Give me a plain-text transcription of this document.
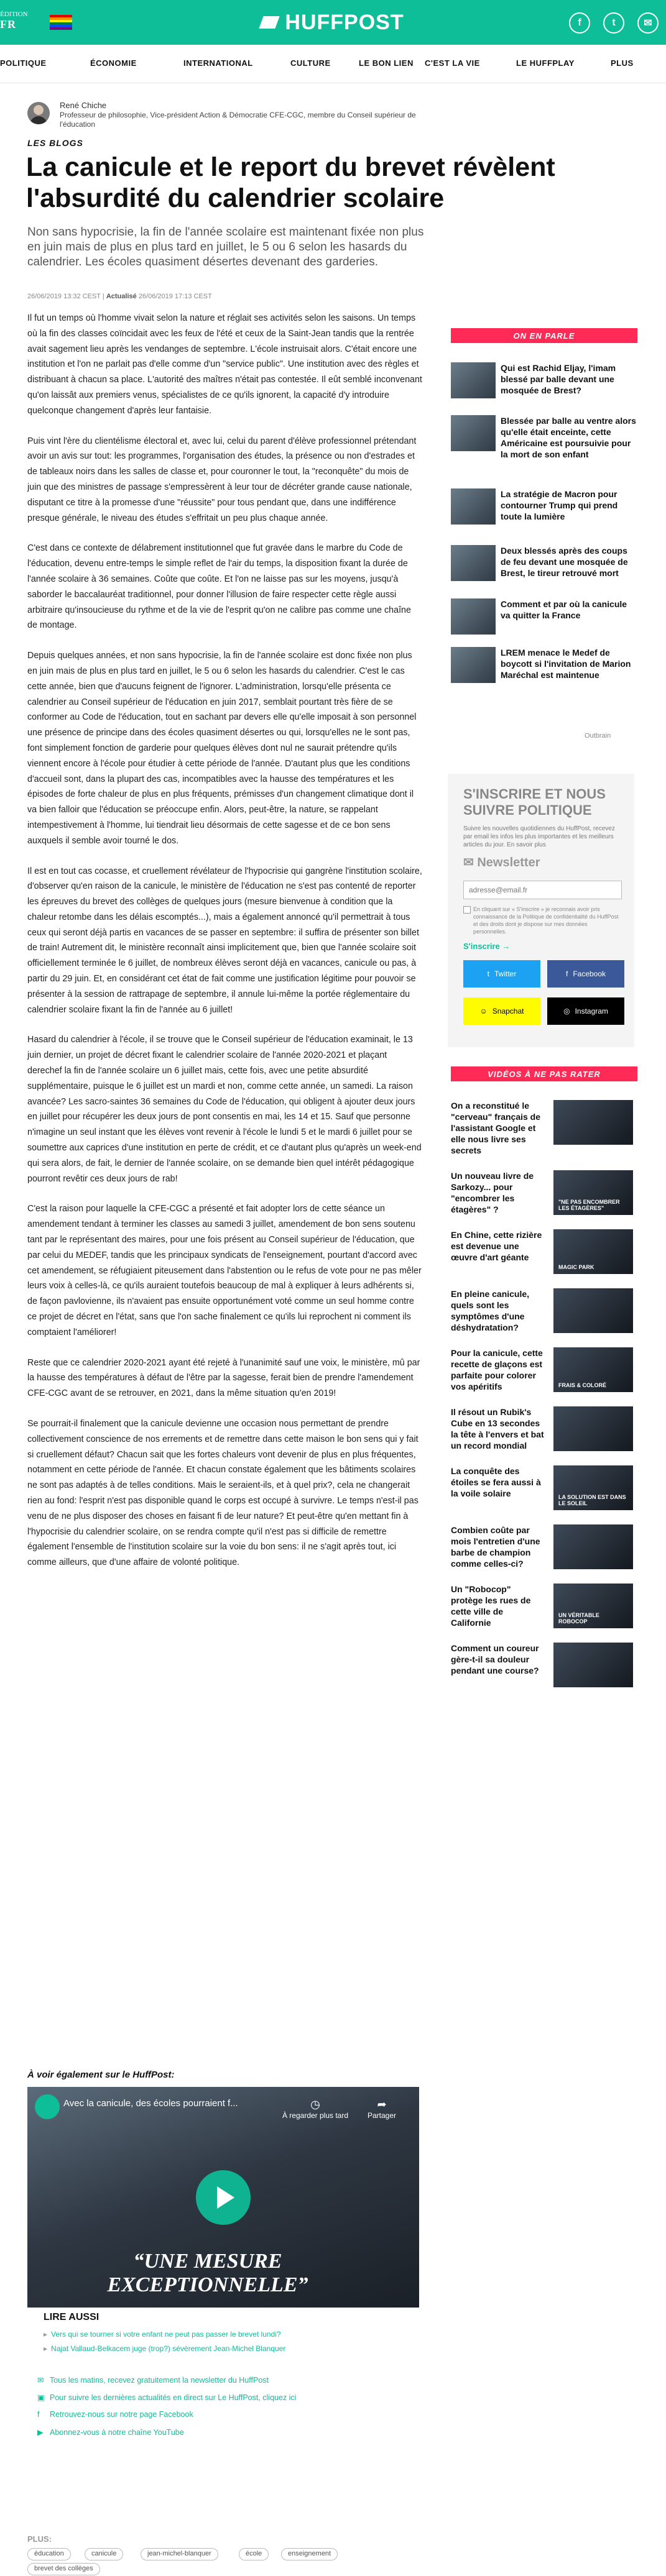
ÉDITION
FR	HUFFPOST	f	t	✉
POLITIQUE	ÉCONOMIE	INTERNATIONAL	CULTURE	LE BON LIEN C'EST LA VIE	LE HUFFPLAY	PLUS
René Chiche
Professeur de philosophie, Vice-président Action & Démocratie CFE-CGC, membre du Conseil supérieur de l'éducation
LES BLOGS
La canicule et le report du brevet révèlent l'absurdité du calendrier scolaire
Non sans hypocrisie, la fin de l'année scolaire est maintenant fixée non plus en juin mais de plus en plus tard en juillet, le 5 ou 6 selon les hasards du calendrier. Les écoles quasiment désertes devenant des garderies.
26/06/2019 13:32 CEST | Actualisé 26/06/2019 17:13 CEST

Il fut un temps où l'homme vivait selon la nature et réglait ses activités selon les saisons. Un temps où la fin des classes coïncidait avec les feux de l'été et ceux de la Saint-Jean tandis que la rentrée avait sagement lieu après les vendanges de septembre. L'école instruisait alors. C'était encore une institution et l'on ne parlait pas d'elle comme d'un "service public". Une institution avec des règles et distribuant à chacun sa place. L'autorité des maîtres n'était pas contestée. Il eût semblé inconvenant qu'on laissât aux premiers venus, spécialistes de ce qu'ils ignorent, la capacité d'y introduire quelconque changement d'après leur fantaisie.

Puis vint l'ère du clientélisme électoral et, avec lui, celui du parent d'élève professionnel prétendant avoir un avis sur tout: les programmes, l'organisation des études, la présence ou non d'estrades et de tableaux noirs dans les salles de classe et, pour couronner le tout, la "reconquête" du mois de juin que des ministres de passage s'empressèrent à leur tour de décréter grande cause nationale, disputant ce titre à la promesse d'une "réussite" pour tous pendant que, dans une indifférence presque générale, le niveau des études s'effritait un peu plus chaque année.

C'est dans ce contexte de délabrement institutionnel que fut gravée dans le marbre du Code de l'éducation, devenu entre-temps le simple reflet de l'air du temps, la disposition fixant la durée de l'année scolaire à 36 semaines. Coûte que coûte. Et l'on ne laisse pas sur les moyens, jusqu'à saborder le baccalauréat traditionnel, pour donner l'illusion de faire respecter cette règle aussi arbitraire qu'insoucieuse du rythme et de la vie de l'esprit qu'on ne calibre pas comme une chaîne de montage.

Depuis quelques années, et non sans hypocrisie, la fin de l'année scolaire est donc fixée non plus en juin mais de plus en plus tard en juillet, le 5 ou 6 selon les hasards du calendrier. C'est le cas cette année, bien que d'aucuns feignent de l'ignorer. L'administration, lorsqu'elle présenta ce calendrier au Conseil supérieur de l'éducation en juin 2017, semblait pourtant très fière de se conformer au Code de l'éducation, tout en sachant par devers elle qu'elle imposait à son personnel une présence de principe dans des écoles quasiment désertes ou qui, lorsqu'elles ne le sont pas, font simplement fonction de garderie pour quelques élèves dont nul ne saurait prétendre qu'ils viennent encore à l'école pour étudier à cette période de l'année. D'autant plus que les conditions d'accueil sont, dans la plupart des cas, incompatibles avec la hausse des températures et les épisodes de forte chaleur de plus en plus fréquents, prémisses d'un changement climatique dont il va bien falloir que l'éducation se préoccupe enfin. Alors, peut-être, la nature, se rappelant intempestivement à l'homme, lui tiendrait lieu désormais de cette sagesse et de ce bon sens auxquels il semble avoir tourné le dos.

Il est en tout cas cocasse, et cruellement révélateur de l'hypocrisie qui gangrène l'institution scolaire, d'observer qu'en raison de la canicule, le ministère de l'éducation ne s'est pas contenté de reporter les épreuves du brevet des collèges de quelques jours (mesure bienvenue à condition que la chaleur retombe dans les délais escomptés...), mais a également annoncé qu'il permettrait à tous ceux qui seront déjà partis en vacances de se passer en septembre: il suffira de présenter son billet de train! Autrement dit, le ministère reconnaît ainsi implicitement que, bien que l'année scolaire soit officiellement terminée le 6 juillet, de nombreux élèves seront déjà en vacances, canicule ou pas, à partir du 29 juin. Et, en considérant cet état de fait comme une justification légitime pour pouvoir se présenter à la session de rattrapage de septembre, il annule lui-même la portée réglementaire du calendrier scolaire fixant la fin de l'année au 6 juillet!

Hasard du calendrier à l'école, il se trouve que le Conseil supérieur de l'éducation examinait, le 13 juin dernier, un projet de décret fixant le calendrier scolaire de l'année 2020-2021 et plaçant derechef la fin de l'année scolaire un 6 juillet mais, cette fois, avec une petite absurdité supplémentaire, puisque le 6 juillet est un mardi et non, comme cette année, un samedi. La raison avancée? Les sacro-saintes 36 semaines du Code de l'éducation, qui obligent à ajouter deux jours en juillet pour récupérer les deux jours de pont consentis en mai, les 14 et 15. Sauf que personne n'imagine un seul instant que les élèves vont revenir à l'école le lundi 5 et le mardi 6 juillet pour se soumettre aux caprices d'une institution en perte de crédit, et ce d'autant plus qu'après un week-end qui sera alors, de fait, le dernier de l'année scolaire, on se demande bien quel intérêt pédagogique pourront revêtir ces deux jours de rab!

C'est la raison pour laquelle la CFE-CGC a présenté et fait adopter lors de cette séance un amendement tendant à terminer les classes au samedi 3 juillet, amendement de bon sens soutenu tant par le représentant des maires, pour une fois présent au Conseil supérieur de l'éducation, que par celui du MEDEF, tandis que les principaux syndicats de l'enseignement, pourtant d'accord avec cet amendement, se réfugiaient piteusement dans l'abstention ou le refus de vote pour ne pas mêler leurs voix à celles-là, ce qu'ils auraient toutefois beaucoup de mal à expliquer à leurs adhérents si, de façon pavlovienne, ils n'avaient pas ensuite opportunément voté comme un seul homme contre ce projet de décret en l'état, sans que l'on sache finalement ce qu'ils lui reprochent ni comment ils comptaient l'améliorer!

Reste que ce calendrier 2020-2021 ayant été rejeté à l'unanimité sauf une voix, le ministère, mû par la hausse des températures à défaut de l'être par la sagesse, ferait bien de prendre l'amendement CFE-CGC avant de se retrouver, en 2021, dans la même situation qu'en 2019!

Se pourrait-il finalement que la canicule devienne une occasion nous permettant de prendre collectivement conscience de nos errements et de remettre dans cette maison le bon sens qui y fait si cruellement défaut? Chacun sait que les fortes chaleurs vont devenir de plus en plus fréquentes, notamment en cette période de l'année. Et chacun constate également que les bâtiments scolaires ne sont pas adaptés à de telles conditions. Mais le seraient-ils, et à quel prix?, cela ne changerait rien au fond: l'esprit n'est pas disponible quand le corps est occupé à survivre. Le temps n'est-il pas venu de ne plus disposer des choses en faisant fi de leur nature? Et peut-être qu'en mettant fin à l'hypocrisie du calendrier scolaire, on se rendra compte qu'il n'est pas si difficile de remettre également l'ensemble de l'institution scolaire sur la voie du bon sens: il ne s'agit après tout, ici comme ailleurs, que d'une affaire de volonté politique.

ON EN PARLE
Qui est Rachid Eljay, l'imam blessé par balle devant une mosquée de Brest?
Blessée par balle au ventre alors qu'elle était enceinte, cette Américaine est poursuivie pour la mort de son enfant
La stratégie de Macron pour contourner Trump qui prend toute la lumière
Deux blessés après des coups de feu devant une mosquée de Brest, le tireur retrouvé mort
Comment et par où la canicule va quitter la France
LREM menace le Medef de boycott si l'invitation de Marion Maréchal est maintenue
Outbrain
S'INSCRIRE ET NOUS SUIVRE POLITIQUE
Suivre les nouvelles quotidiennes du HuffPost, recevez par email les infos les plus importantes et les meilleurs articles du jour. En savoir plus
✉ Newsletter
adresse@email.fr
En cliquant sur « S'inscrire » je reconnais avoir pris connaissance de la Politique de confidentialité du HuffPost et des droits dont je dispose sur mes données personnelles.
S'inscrire →
t Twitter	f Facebook
☺ Snapchat	◎ Instagram
VIDÉOS À NE PAS RATER
On a reconstitué le "cerveau" français de l'assistant Google et elle nous livre ses secrets
Un nouveau livre de Sarkozy... pour "encombrer les étagères" ?
"NE PAS ENCOMBRER LES ÉTAGÈRES"
En Chine, cette rizière est devenue une œuvre d'art géante
MAGIC PARK
En pleine canicule, quels sont les symptômes d'une déshydratation?
Pour la canicule, cette recette de glaçons est parfaite pour colorer vos apéritifs	FRAIS & COLORÉ
Il résout un Rubik's Cube en 13 secondes la tête à l'envers et bat un record mondial
La conquête des étoiles se fera aussi à la voile solaire	LA SOLUTION EST DANS LE SOLEIL
Combien coûte par mois l'entretien d'une barbe de champion comme celles-ci?
Un "Robocop" protège les rues de cette ville de Californie
UN VÉRITABLE ROBOCOP
Comment un coureur gère-t-il sa douleur pendant une course?
À voir également sur le HuffPost:
Avec la canicule, des écoles pourraient f...	◷
À regarder plus tard
➦
Partager
“UNE MESURE EXCEPTIONNELLE”
LIRE AUSSI
▸ Vers qui se tourner si votre enfant ne peut pas passer le brevet lundi?
▸ Najat Vallaud-Belkacem juge (trop?) sévèrement Jean-Michel Blanquer
✉ Tous les matins, recevez gratuitement la newsletter du HuffPost
▣ Pour suivre les dernières actualités en direct sur Le HuffPost, cliquez ici
f Retrouvez-nous sur notre page Facebook
▶ Abonnez-vous à notre chaîne YouTube
PLUS:
éducation	canicule	jean-michel-blanquer	école	enseignement
brevet des collèges
